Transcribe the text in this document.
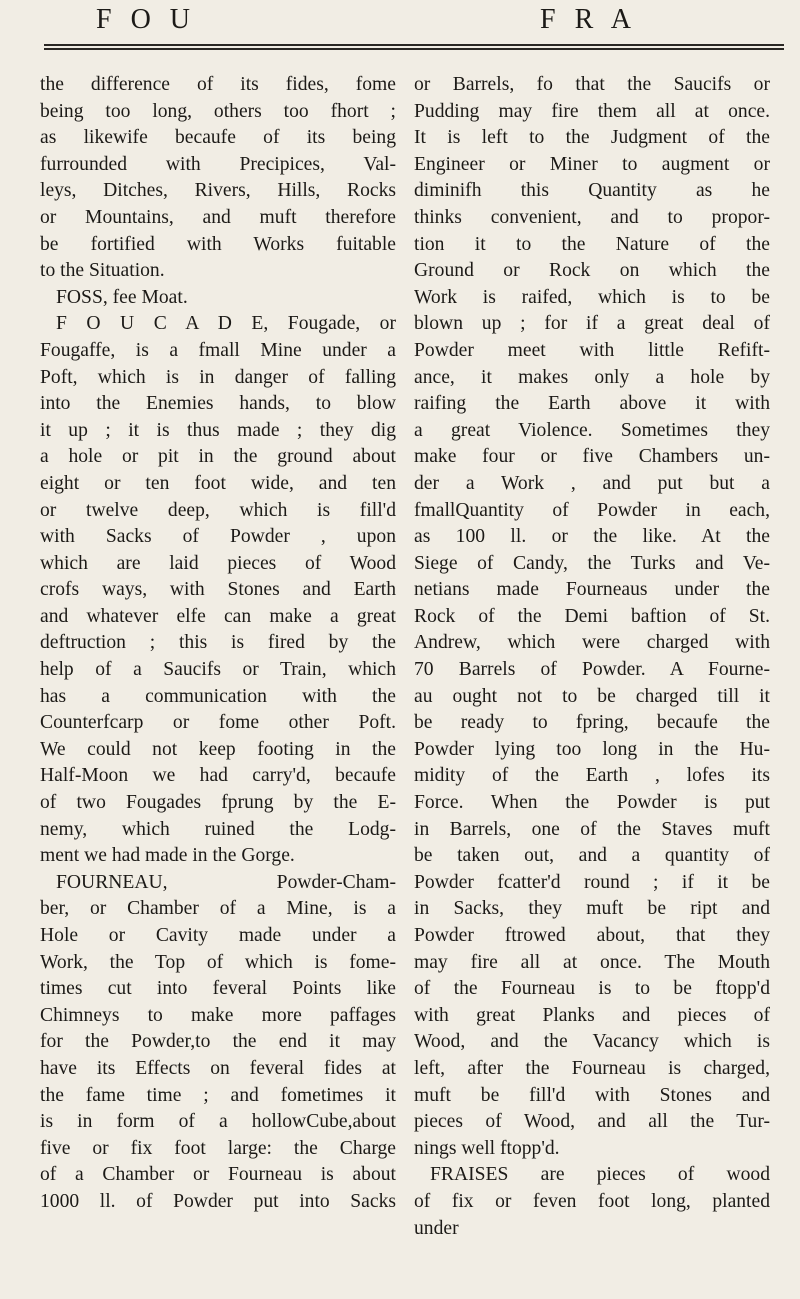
F O U	F R A
the difference of its fides, fome
being too long, others too fhort ;
as likewife becaufe of its being
furrounded with Precipices, Val-
leys, Ditches, Rivers, Hills, Rocks
or Mountains, and muft therefore
be fortified with Works fuitable
to the Situation.
FOSS, fee Moat.
F O U C A D E, Fougade, or
Fougaffe, is a fmall Mine under a
Poft, which is in danger of falling
into the Enemies hands, to blow
it up ; it is thus made ; they dig
a hole or pit in the ground about
eight or ten foot wide, and ten
or twelve deep, which is fill'd
with Sacks of Powder , upon
which are laid pieces of Wood
crofs ways, with Stones and Earth
and whatever elfe can make a great
deftruction ; this is fired by the
help of a Saucifs or Train, which
has a communication with the
Counterfcarp or fome other Poft.
We could not keep footing in the
Half-Moon we had carry'd, becaufe
of two Fougades fprung by the E-
nemy, which ruined the Lodg-
ment we had made in the Gorge.
FOURNEAU, Powder-Cham-
ber, or Chamber of a Mine, is a
Hole or Cavity made under a
Work, the Top of which is fome-
times cut into feveral Points like
Chimneys to make more paffages
for the Powder,to the end it may
have its Effects on feveral fides at
the fame time ; and fometimes it
is in form of a hollowCube,about
five or fix foot large: the Charge
of a Chamber or Fourneau is about
1000 ll. of Powder put into Sacks
or Barrels, fo that the Saucifs or
Pudding may fire them all at once.
It is left to the Judgment of the
Engineer or Miner to augment or
diminifh this Quantity as he
thinks convenient, and to propor-
tion it to the Nature of the
Ground or Rock on which the
Work is raifed, which is to be
blown up ; for if a great deal of
Powder meet with little Refift-
ance, it makes only a hole by
raifing the Earth above it with
a great Violence. Sometimes they
make four or five Chambers un-
der a Work , and put but a
fmallQuantity of Powder in each,
as 100 ll. or the like. At the
Siege of Candy, the Turks and Ve-
netians made Fourneaus under the
Rock of the Demi baftion of St.
Andrew, which were charged with
70 Barrels of Powder. A Fourne-
au ought not to be charged till it
be ready to fpring, becaufe the
Powder lying too long in the Hu-
midity of the Earth , lofes its
Force. When the Powder is put
in Barrels, one of the Staves muft
be taken out, and a quantity of
Powder fcatter'd round ; if it be
in Sacks, they muft be ript and
Powder ftrowed about, that they
may fire all at once. The Mouth
of the Fourneau is to be ftopp'd
with great Planks and pieces of
Wood, and the Vacancy which is
left, after the Fourneau is charged,
muft be fill'd with Stones and
pieces of Wood, and all the Tur-
nings well ftopp'd.
FRAISES are pieces of wood
of fix or feven foot long, planted
under
